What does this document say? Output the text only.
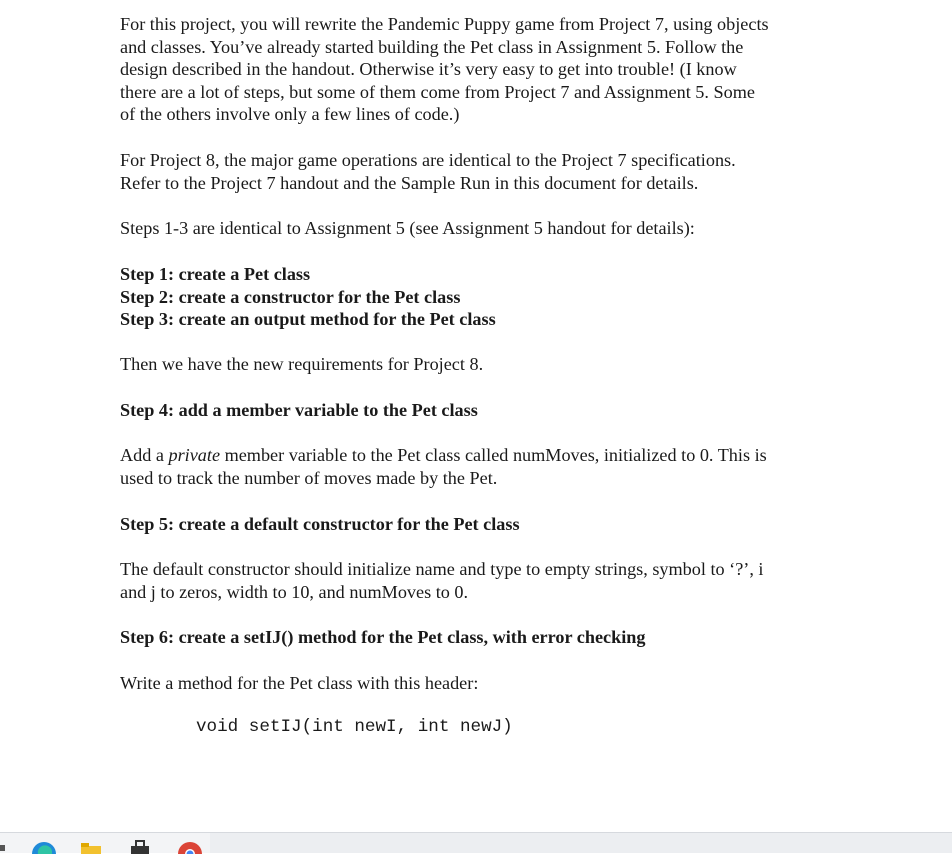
For this project, you will rewrite the Pandemic Puppy game from Project 7, using objects
and classes. You’ve already started building the Pet class in Assignment 5. Follow the
design described in the handout. Otherwise it’s very easy to get into trouble! (I know
there are a lot of steps, but some of them come from Project 7 and Assignment 5. Some
of the others involve only a few lines of code.)

For Project 8, the major game operations are identical to the Project 7 specifications.
Refer to the Project 7 handout and the Sample Run in this document for details.

Steps 1-3 are identical to Assignment 5 (see Assignment 5 handout for details):

Step 1: create a Pet class
Step 2: create a constructor for the Pet class
Step 3: create an output method for the Pet class

Then we have the new requirements for Project 8.

Step 4: add a member variable to the Pet class

Add a private member variable to the Pet class called numMoves, initialized to 0. This is
used to track the number of moves made by the Pet.

Step 5: create a default constructor for the Pet class

The default constructor should initialize name and type to empty strings, symbol to ‘?’, i
and j to zeros, width to 10, and numMoves to 0.

Step 6: create a setIJ() method for the Pet class, with error checking

Write a method for the Pet class with this header:

void setIJ(int newI, int newJ)
